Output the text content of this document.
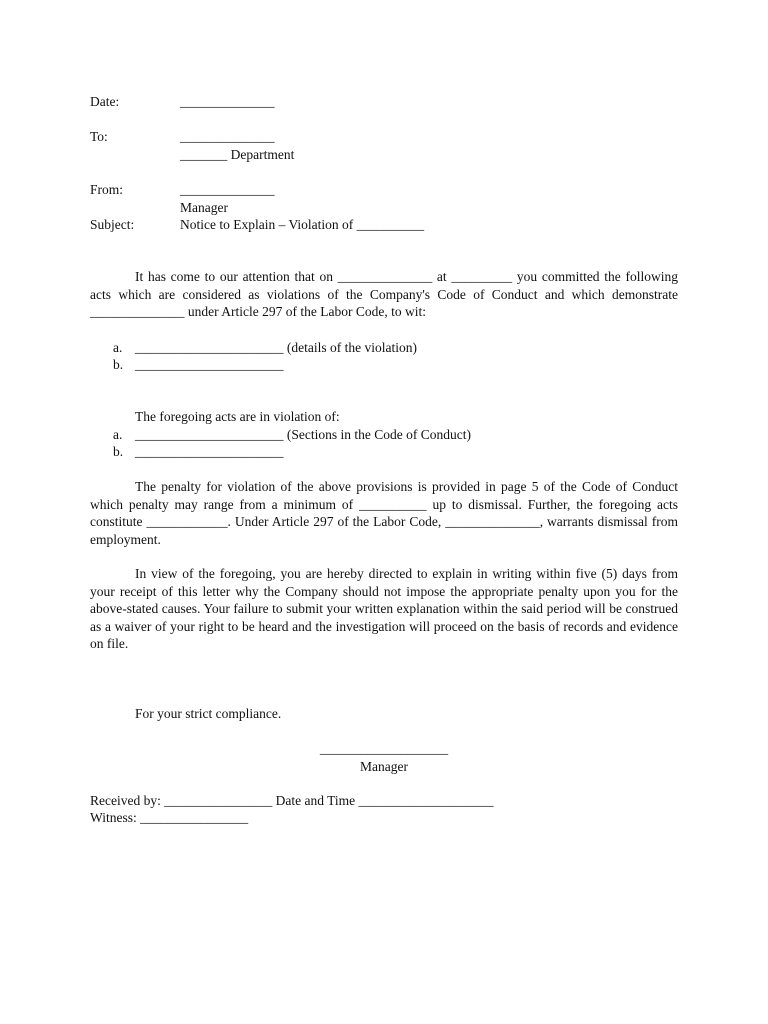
Date:	______________
To:	______________
_______ Department
From:	______________
Manager
Subject:	Notice to Explain – Violation of __________

It has come to our attention that on ______________ at _________ you committed the following acts which are considered as violations of the Company's Code of Conduct and which demonstrate ______________ under Article 297 of the Labor Code, to wit:

a. ______________________ (details of the violation)
b. ______________________
The foregoing acts are in violation of:
a. ______________________ (Sections in the Code of Conduct)
b. ______________________

The penalty for violation of the above provisions is provided in page 5 of the Code of Conduct which penalty may range from a minimum of __________ up to dismissal. Further, the foregoing acts constitute ____________. Under Article 297 of the Labor Code, ______________, warrants dismissal from employment.

In view of the foregoing, you are hereby directed to explain in writing within five (5) days from your receipt of this letter why the Company should not impose the appropriate penalty upon you for the above-stated causes. Your failure to submit your written explanation within the said period will be construed as a waiver of your right to be heard and the investigation will proceed on the basis of records and evidence on file.

For your strict compliance.
___________________
Manager
Received by: ________________ Date and Time ____________________
Witness: ________________
